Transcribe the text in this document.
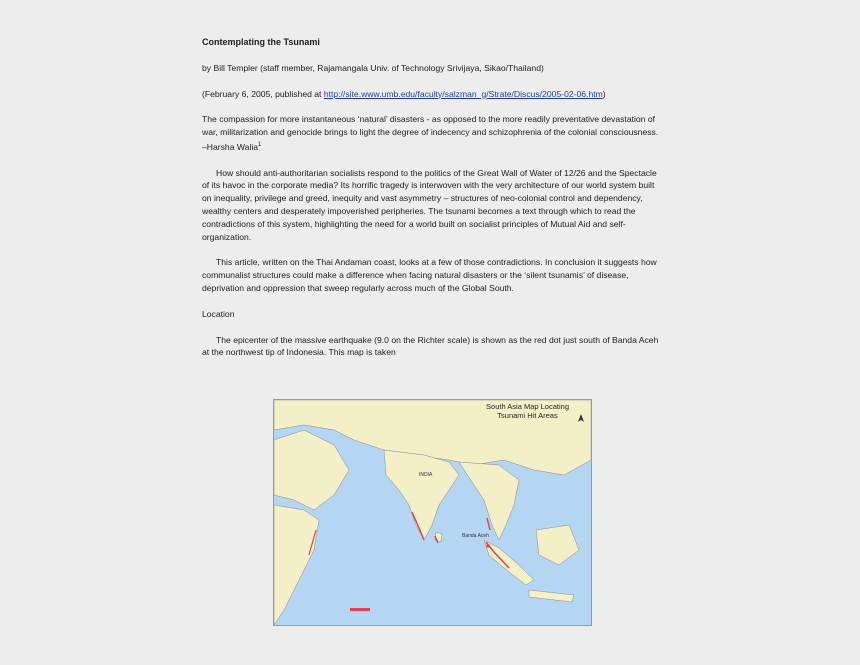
Contemplating the Tsunami
by Bill Templer (staff member, Rajamangala Univ. of Technology Srivijaya, Sikao/Thailand)
(February 6, 2005, published at http://site.www.umb.edu/faculty/salzman_g/Strate/Discus/2005-02-06.htm)
The compassion for more instantaneous ‘natural’ disasters - as opposed to the more readily preventative devastation of war, militarization and genocide brings to light the degree of indecency and schizophrenia of the colonial consciousness. –Harsha Walia$^1$
How should anti-authoritarian socialists respond to the politics of the Great Wall of Water of 12/26 and the Spectacle of its havoc in the corporate media? Its horrific tragedy is interwoven with the very architecture of our world system built on inequality, privilege and greed, inequity and vast asymmetry – structures of neo-colonial control and dependency, wealthy centers and desperately impoverished peripheries. The tsunami becomes a text through which to read the contradictions of this system, highlighting the need for a world built on socialist principles of Mutual Aid and self-organization.
This article, written on the Thai Andaman coast, looks at a few of those contradictions. In conclusion it suggests how communalist structures could make a difference when facing natural disasters or the ‘silent tsunamis’ of disease, deprivation and oppression that sweep regularly across much of the Global South.
Location
The epicenter of the massive earthquake (9.0 on the Richter scale) is shown as the red dot just south of Banda Aceh at the northwest tip of Indonesia. This map is taken
South Asia Map Locating
Tsunami Hit Areas
INDIA
Banda Aceh
